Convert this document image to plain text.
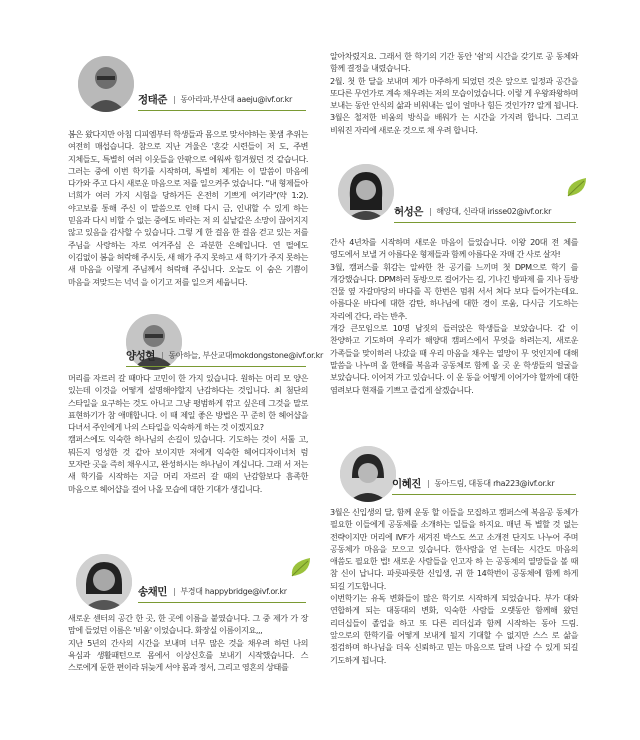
정태준 | 동아라파,부산대 aaeju@ivf.or.kr
봄은 왔다지만 아침 디피엠부터 학생들과 몸으로 맞서야하는 꽃샘 추위는 여전히 매섭습니다. 참으로 지난 겨울은 '혼갖 시련들이 저 도, 주변 지체들도, 특별히 여러 이웃들을 안팎으로 에워싸 힘겨웠던 것 같습니다. 그러는 중에 이번 학기를 시작하며, 특별히 제게는 이 말씀이 마음에 다가와 주고 다시 새로운 마음으로 저를 일으켜주 었습니다. "내 형제들아 너희가 여러 가지 시험을 당하거든 온전히 기쁘게 여기라"(약 1:2). 야고보를 통해 주신 이 말씀으로 인해 다시 금, 인내할 수 있게 하는 믿음과 다시 비할 수 없는 중에도 바라는 저 의 실낱같은 소망이 끊어지지 않고 있음을 감사할 수 있습니다. 그렇 게 한 걸음 한 걸음 걷고 있는 저를 주님을 사랑하는 자로 여겨주심 은 과분한 은혜입니다. 연 떨에도 이김없이 봄을 허락해 주시듯, 새 해가 주지 못하고 새 학기가 주지 못하는 새 마음을 이렇게 주님께서 허락해 주십니다. 오늘도 이 숨은 기쁨이 마음을 져맞드는 넉넉 을 이기고 저를 일으켜 세웁니다.
양성현 | 동아하늘, 부산교대mokdongstone@ivf.or.kr
머리를 자르러 갈 때마다 고민이 한 가지 있습니다. 원하는 머리 모 양은 있는데 이것을 어떻게 설명해야할지 난감하다는 것입니다. 최 첨단의 스타일을 요구하는 것도 아니고 그냥 평범하게 깎고 싶은데 그것을 말로 표현하기가 참 애매합니다. 이 때 제일 좋은 방법은 꾸 준히 한 헤어샵을 다녀서 주인에게 나의 스타일을 익숙하게 하는 것 이겠지요?
캠퍼스에도 익숙한 하나님의 손길이 있습니다. 기도하는 것이 서툴 고, 뭐든지 엉성한 것 같아 보이지만 저에게 익숙한 헤어디자이너처 럼 모자란 곳을 즉히 채우시고, 완성하시는 하나님이 계십니다. 그래 서 저는 새 학기를 시작하는 지금 머리 자르러 갈 때의 난감함보다 흠족한 마음으로 헤어샵을 걸어 나올 모습에 대한 기대가 생깁니다.
송채민 | 부경대 happybridge@ivf.or.kr
새로운 센터의 공간 한 곳, 한 곳에 이름을 붙였습니다. 그 중 제가 가 장 맘에 들었던 이름은 '비움' 이었습니다. 화장실 이름이지요,,,
지난 5년의 간사의 시간을 보내며 너무 많은 것을 채우려 하던 나의 욕심과 생활패턴으로 몸에서 이상신호를 보내기 시작했습니다. 스 스로에게 둔한 편이라 뒤늦게 서야 몸과 정서, 그리고 영혼의 상태를
알아차렸지요. 그래서 한 학기의 기간 동안 '쉼'의 시간을 갖기로 공 동체와 함께 결정을 내렸습니다.
2월. 첫 한 달을 보내며 제가 마주하게 되었던 것은 앞으로 일정과 공간을 또다른 무언가로 계속 채우려는 저의 모습이었습니다. 이렇 게 우왕좌왕하며 보내는 동안 안식의 삶과 비워내는 일이 얼마나 힘든 것인가?? 알게 됩니다. 3월은 철저한 비움의 방식을 배워가 는 시간을 가지려 합니다. 그리고 비워진 자리에 새로운 것으로 채 우려 합니다.
허성은 | 해양대, 신라대 irisse02@ivf.or.kr
간사 4년차를 시작하며 새로운 마음이 들었습니다. 이왕 20대 전 체를 영도에서 보낼 거 아름다운 형제들과 함께 아름다운 자매 간 사로 살자!
3월, 캠퍼스를 휘감는 알싸한 찬 공기를 느끼며 첫 DPM으로 학기 를 개강했습니다. DPM하러 동방으로 걸어가는 길, 기나긴 방파제 를 지나 등방 건물 옆 자갈마당의 바다를 꼭 한번은 멈춰 서서 쳐다 보다 들어가는데요. 아름다운 바다에 대한 감탄, 하나님에 대한 경이 로움, 다시금 기도하는 자리에 간다, 라는 반추.
개강 큰모임으로 10명 남짓의 들러앉은 학생들을 보았습니다. 같 이 찬양하고 기도하며 우리가 해양대 캠퍼스에서 무엇을 하려는지, 새로운 가족들을 맞이하러 나갔을 때 우리 마음을 채우는 열망이 무 엇인지에 대해 말씀을 나누며 올 한해를 복음과 공동체로 함께 올 곳 운 학생들의 얼굴을 보았습니다. 이어져 가고 있습니다. 이 운 동을 어떻게 이어가야 할까에 대한 염려보다 현재를 기쁘고 즐겁게 살겠습니다.
이혜진 | 동아드림, 대동대 rha223@ivf.or.kr
3월은 신입생의 달, 함께 운동 할 이들을 모집하고 캠퍼스에 복음공 동체가 필요한 이들에게 공동체를 소개하는 일들을 하지요. 매년 특 별할 것 없는 전략이지만 머리에 IVF가 새겨진 박스도 쓰고 소개전 단지도 나누어 주며 공동체가 마음을 모으고 있습니다. 한사람을 얻 는데는 시간도 마음의 애씀도 필요한 법! 새로운 사람들을 인고자 하 는 공동체의 열망들을 볼 때 참 신이 납니다. 파릇파릇한 신입생, 귀 한 14학번이 공동체에 함께 하게 되길 기도합니다.
이번학기는 유독 변화들이 많은 학기로 시작하게 되었습니다. 부가 대와 연합하게 되는 대동대의 변화, 익숙한 사람들 오랫동안 함께해 왔던 리더십들이 졸업을 하고 또 다른 리더십과 함께 시작하는 동아 드림. 앞으로의 한학기를 어떻게 보내게 될지 기대할 수 없지만 스스 로 삶을 점검하며 하나님을 더욱 신뢰하고 믿는 마음으로 달려 나갈 수 있게 되길 기도하게 됩니다.
